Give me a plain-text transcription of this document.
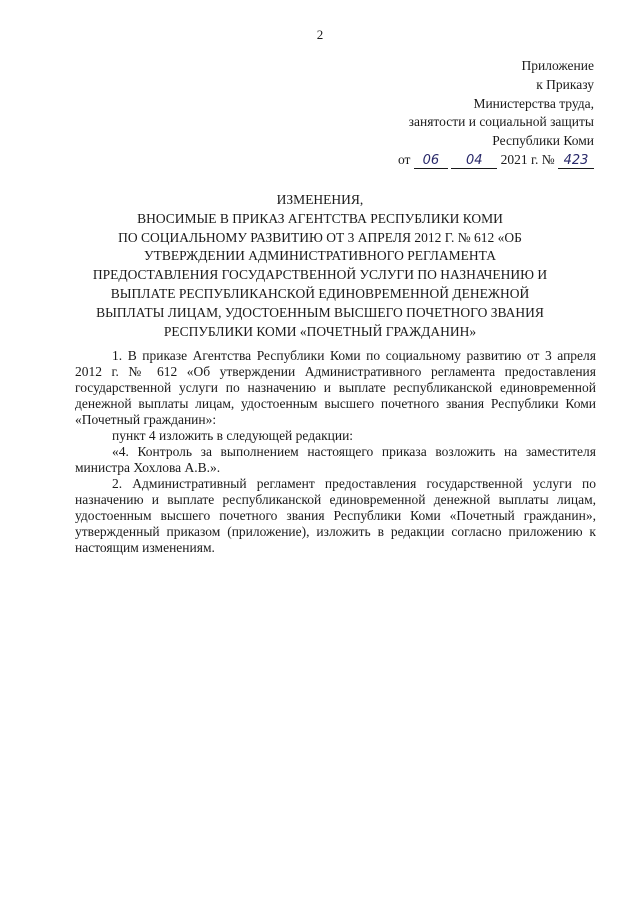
2
Приложение
к Приказу
Министерства труда,
занятости и социальной защиты
Республики Коми
от 06 04 2021 г. № 423
ИЗМЕНЕНИЯ,
ВНОСИМЫЕ В ПРИКАЗ АГЕНТСТВА РЕСПУБЛИКИ КОМИ
ПО СОЦИАЛЬНОМУ РАЗВИТИЮ ОТ 3 АПРЕЛЯ 2012 Г. № 612 «ОБ
УТВЕРЖДЕНИИ АДМИНИСТРАТИВНОГО РЕГЛАМЕНТА
ПРЕДОСТАВЛЕНИЯ ГОСУДАРСТВЕННОЙ УСЛУГИ ПО НАЗНАЧЕНИЮ И
ВЫПЛАТЕ РЕСПУБЛИКАНСКОЙ ЕДИНОВРЕМЕННОЙ ДЕНЕЖНОЙ
ВЫПЛАТЫ ЛИЦАМ, УДОСТОЕННЫМ ВЫСШЕГО ПОЧЕТНОГО ЗВАНИЯ
РЕСПУБЛИКИ КОМИ «ПОЧЕТНЫЙ ГРАЖДАНИН»

1. В приказе Агентства Республики Коми по социальному развитию от 3 апреля 2012 г. № 612 «Об утверждении Административного регламента предоставления государственной услуги по назначению и выплате республиканской единовременной денежной выплаты лицам, удостоенным высшего почетного звания Республики Коми «Почетный гражданин»:

пункт 4 изложить в следующей редакции:

«4. Контроль за выполнением настоящего приказа возложить на заместителя министра Хохлова А.В.».

2. Административный регламент предоставления государственной услуги по назначению и выплате республиканской единовременной денежной выплаты лицам, удостоенным высшего почетного звания Республики Коми «Почетный гражданин», утвержденный приказом (приложение), изложить в редакции согласно приложению к настоящим изменениям.
